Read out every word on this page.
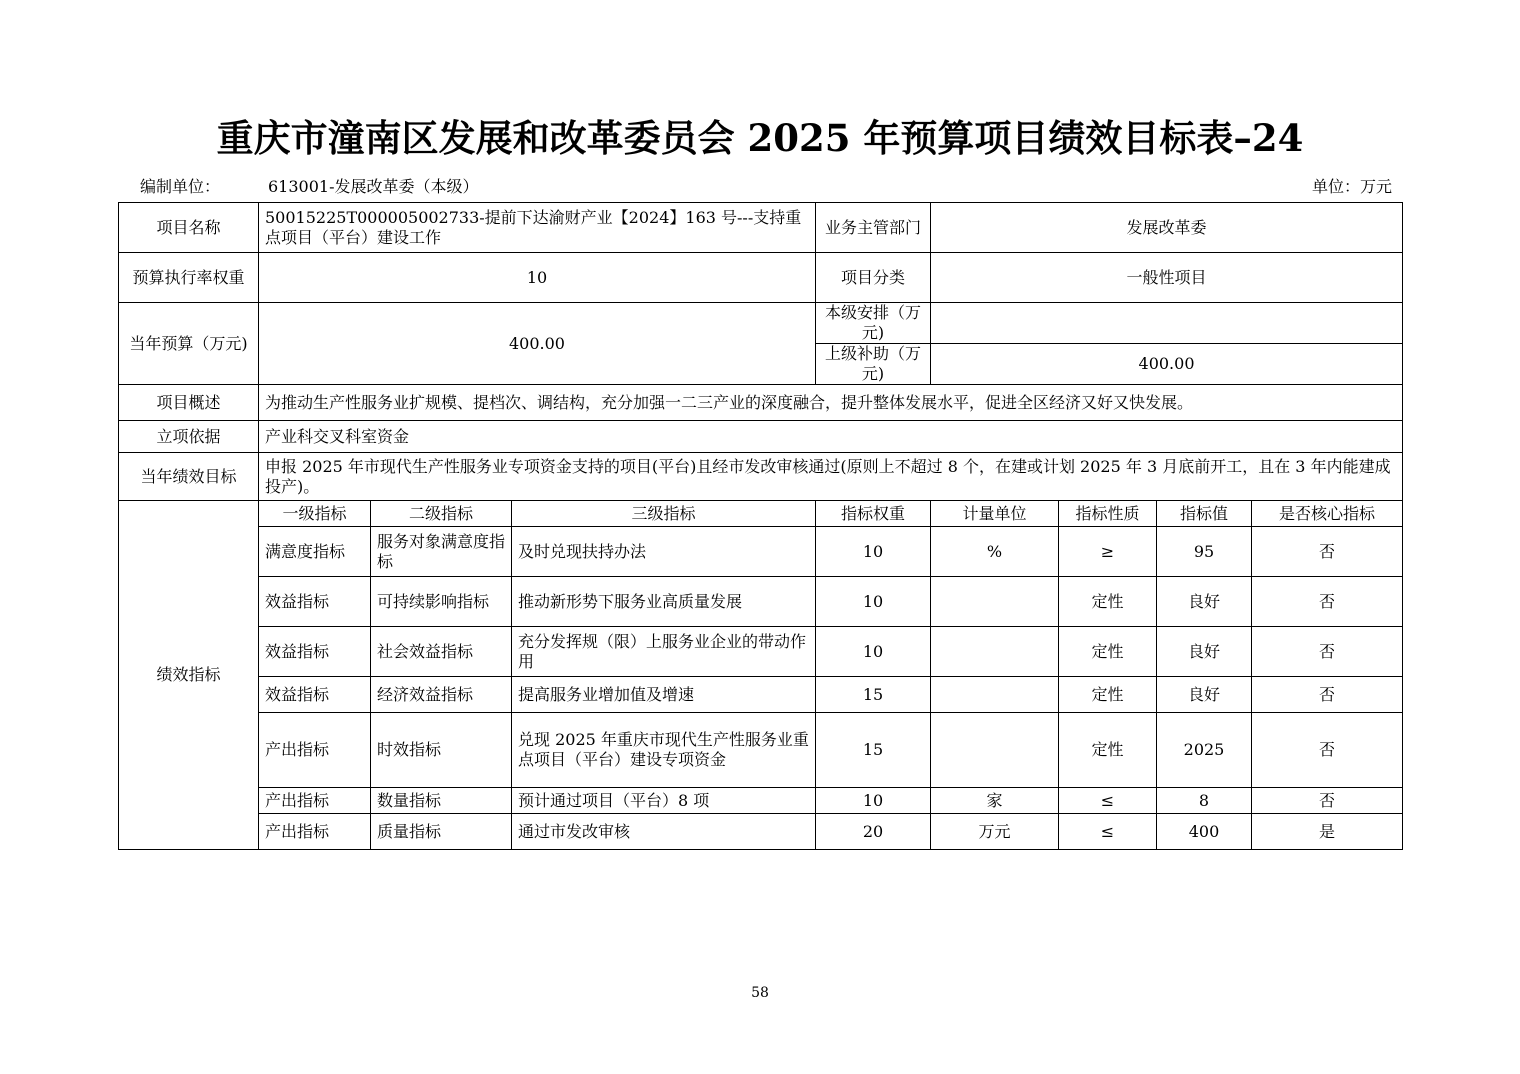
重庆市潼南区发展和改革委员会 2025 年预算项目绩效目标表–24
编制单位：	613001-发展改革委（本级）	单位：万元
项目名称	50015225T000005002733-提前下达渝财产业【2024】163 号---支持重点项目（平台）建设工作			业务主管部门	发展改革委			
预算执行率权重	10			项目分类	一般性项目			
当年预算（万元)	400.00			本级安排（万元)				
				上级补助（万元)	400.00			
项目概述	为推动生产性服务业扩规模、提档次、调结构，充分加强一二三产业的深度融合，提升整体发展水平，促进全区经济又好又快发展。							
立项依据	产业科交叉科室资金							
当年绩效目标	申报 2025 年市现代生产性服务业专项资金支持的项目(平台)且经市发改审核通过(原则上不超过 8 个，在建或计划 2025 年 3 月底前开工，且在 3 年内能建成投产)。							
绩效指标	一级指标	二级指标	三级指标	指标权重	计量单位	指标性质	指标值	是否核心指标
	满意度指标	服务对象满意度指标	及时兑现扶持办法	10	%	≥	95	否
	效益指标	可持续影响指标	推动新形势下服务业高质量发展	10		定性	良好	否
	效益指标	社会效益指标	充分发挥规（限）上服务业企业的带动作用	10		定性	良好	否
	效益指标	经济效益指标	提高服务业增加值及增速	15		定性	良好	否
	产出指标	时效指标	兑现 2025 年重庆市现代生产性服务业重点项目（平台）建设专项资金	15		定性	2025	否
	产出指标	数量指标	预计通过项目（平台）8 项	10	家	≤	8	否
	产出指标	质量指标	通过市发改审核	20	万元	≤	400	是
58
